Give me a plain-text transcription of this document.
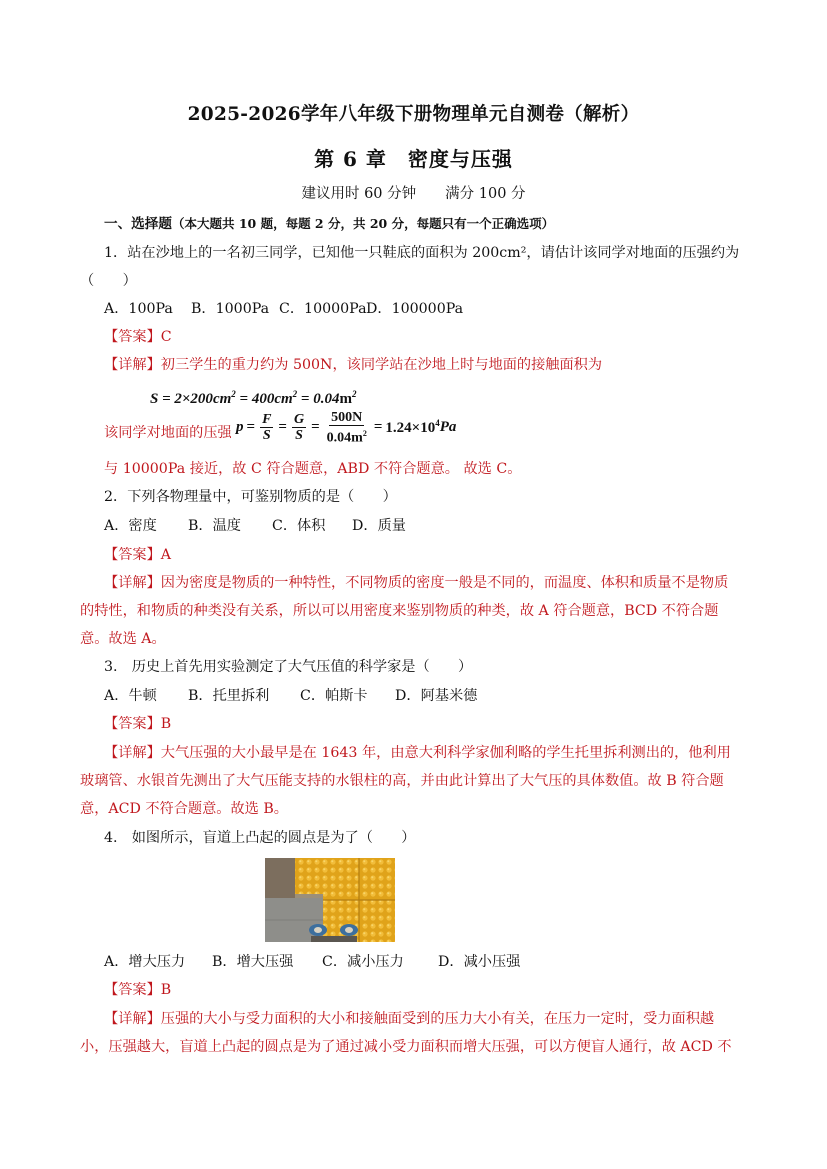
2025-2026学年八年级下册物理单元自测卷（解析）
第 6 章　密度与压强
建议用时 60 分钟　　满分 100 分
一、选择题（本大题共 10 题，每题 2 分，共 20 分，每题只有一个正确选项）
1．站在沙地上的一名初三同学，已知他一只鞋底的面积为 200cm²，请估计该同学对地面的压强约为
（　　）
A．100Pa B．1000Pa C．10000PaD．100000Pa
【答案】C
【详解】初三学生的重力约为 500N，该同学站在沙地上时与地面的接触面积为
$S = 2\times 200cm^2 = 400cm^2 = 0.04m^2$
该同学对地面的压强 $p = \frac{F}{S} = \frac{G}{S} = \frac{500N}{0.04m^2} = 1.24\times 10^4$ Pa
与 10000Pa 接近，故 C 符合题意，ABD 不符合题意。 故选 C。
2．下列各物理量中，可鉴别物质的是（　　）
A．密度 B．温度 C．体积 D．质量
【答案】A
【详解】因为密度是物质的一种特性，不同物质的密度一般是不同的，而温度、体积和质量不是物质
的特性，和物质的种类没有关系，所以可以用密度来鉴别物质的种类，故 A 符合题意，BCD 不符合题
意。故选 A。
3.　历史上首先用实验测定了大气压值的科学家是（　　）
A．牛顿 B．托里拆利 C．帕斯卡 D．阿基米德
【答案】B
【详解】大气压强的大小最早是在 1643 年，由意大利科学家伽利略的学生托里拆利测出的，他利用
玻璃管、水银首先测出了大气压能支持的水银柱的高，并由此计算出了大气压的具体数值。故 B 符合题
意，ACD 不符合题意。故选 B。
4.　如图所示，盲道上凸起的圆点是为了（　　）
A．增大压力 B．增大压强 C．减小压力 D．减小压强
【答案】B
【详解】压强的大小与受力面积的大小和接触面受到的压力大小有关，在压力一定时，受力面积越
小，压强越大，盲道上凸起的圆点是为了通过减小受力面积而增大压强，可以方便盲人通行，故 ACD 不
